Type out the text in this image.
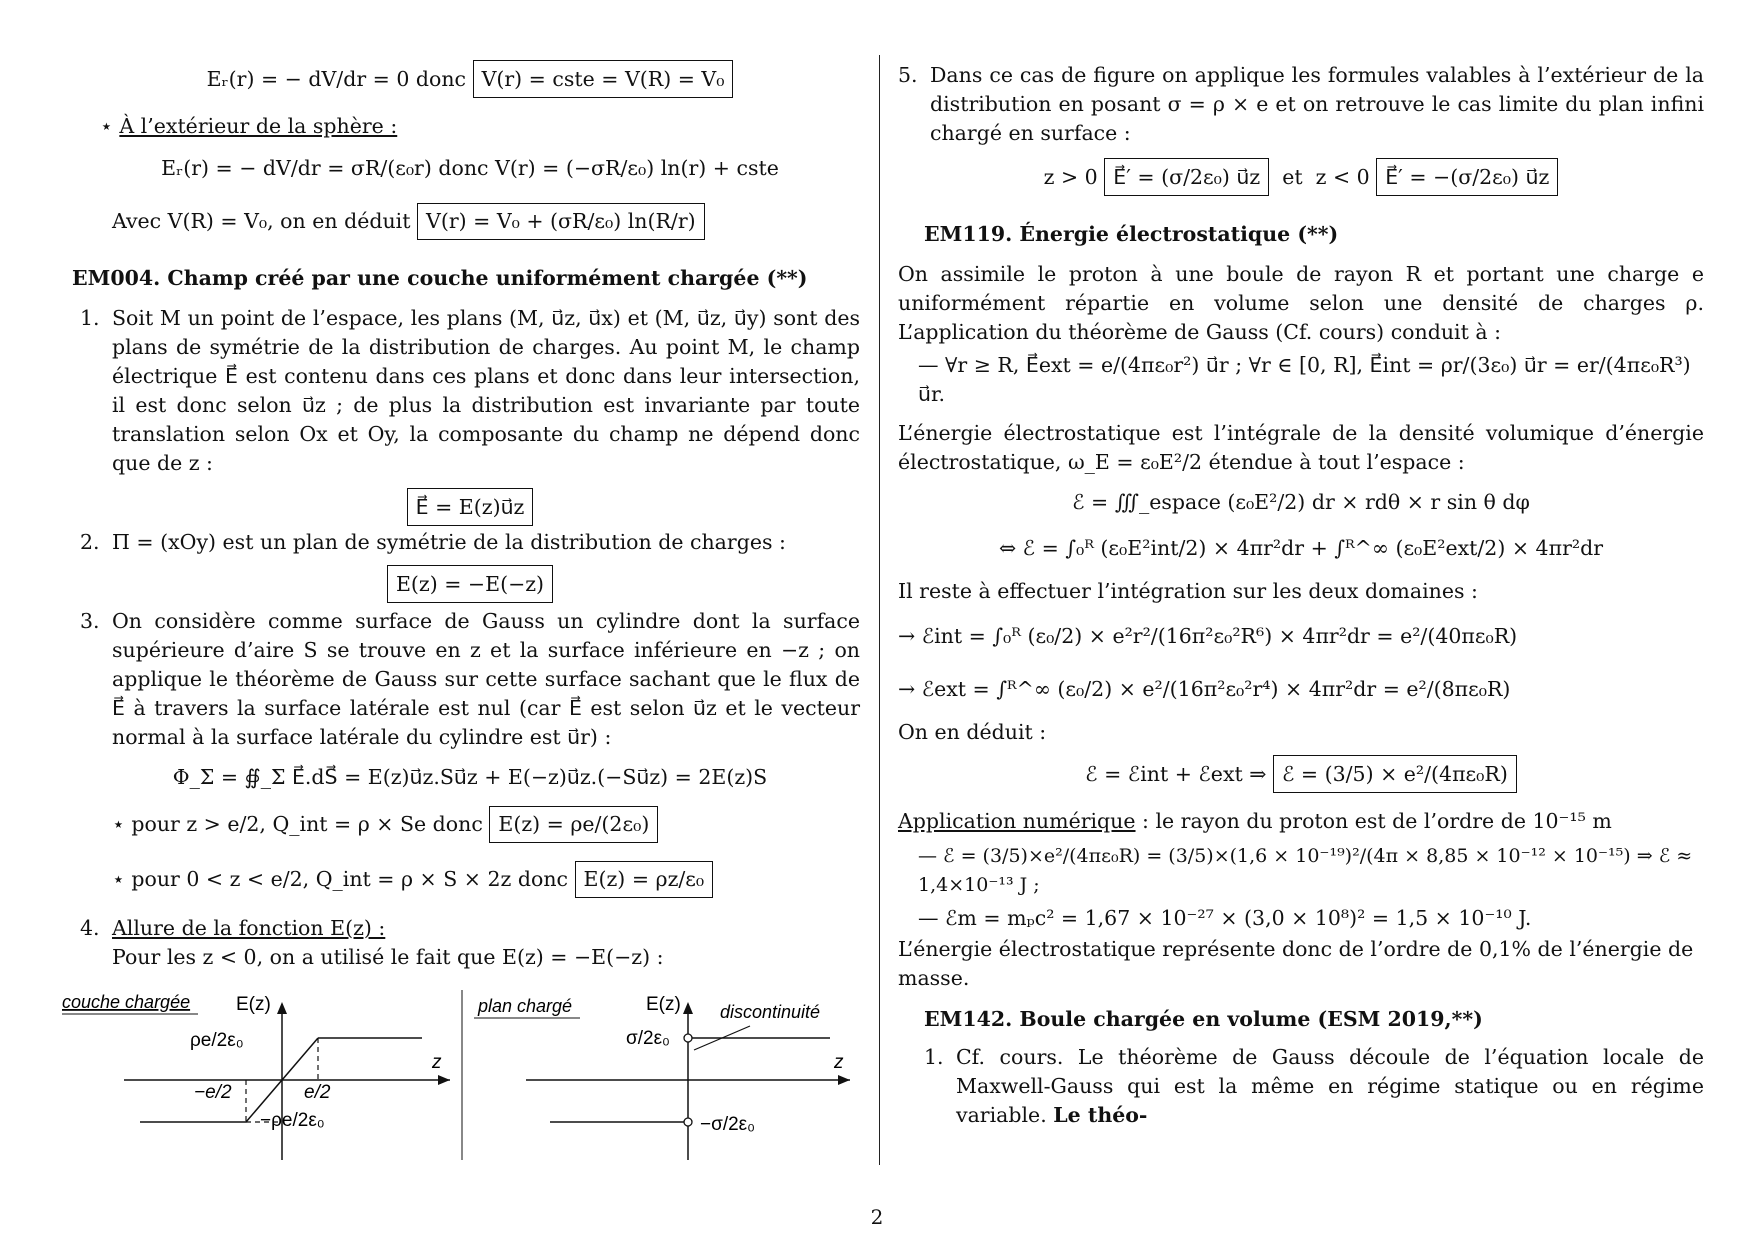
Eᵣ(r) = − dV/dr = 0 donc V(r) = cste = V(R) = V₀

⋆ À l’extérieur de la sphère :

Eᵣ(r) = − dV/dr = σR/(ε₀r) donc V(r) = (−σR/ε₀) ln(r) + cste

Avec V(R) = V₀, on en déduit V(r) = V₀ + (σR/ε₀) ln(R/r)

EM004. Champ créé par une couche uniformément chargée (**)
1. Soit M un point de l’espace, les plans (M, u⃗z, u⃗x) et (M, u⃗z, u⃗y) sont des plans de symétrie de la distribution de charges. Au point M, le champ électrique E⃗ est contenu dans ces plans et donc dans leur intersection, il est donc selon u⃗z ; de plus la distribution est invariante par toute translation selon Ox et Oy, la composante du champ ne dépend donc que de z :
E⃗ = E(z)u⃗z
2. Π = (xOy) est un plan de symétrie de la distribution de charges :
E(z) = −E(−z)
3. On considère comme surface de Gauss un cylindre dont la surface supérieure d’aire S se trouve en z et la surface inférieure en −z ; on applique le théorème de Gauss sur cette surface sachant que le flux de E⃗ à travers la surface latérale est nul (car E⃗ est selon u⃗z et le vecteur normal à la surface latérale du cylindre est u⃗r) :
Φ_Σ = ∯_Σ E⃗.dS⃗ = E(z)u⃗z.Su⃗z + E(−z)u⃗z.(−Su⃗z) = 2E(z)S

⋆ pour z > e/2, Q_int = ρ × Se donc E(z) = ρe/(2ε₀)

⋆ pour 0 < z < e/2, Q_int = ρ × S × 2z donc E(z) = ρz/ε₀

4. Allure de la fonction E(z) :
Pour les z < 0, on a utilisé le fait que E(z) = −E(−z) :
couche chargée E(z)
z
ρe/2ε₀
−ρe/2ε₀
−e/2	e/2
plan chargé	E(z)
z
discontinuité
σ/2ε₀
−σ/2ε₀
5. Dans ce cas de figure on applique les formules valables à l’extérieur de la distribution en posant σ = ρ × e et on retrouve le cas limite du plan infini chargé en surface :
z > 0 E⃗′ = (σ/2ε₀) u⃗z et z < 0 E⃗′ = −(σ/2ε₀) u⃗z
EM119. Énergie électrostatique (**)

On assimile le proton à une boule de rayon R et portant une charge e uniformément répartie en volume selon une densité de charges ρ. L’application du théorème de Gauss (Cf. cours) conduit à :

— ∀r ≥ R, E⃗ext = e/(4πε₀r²) u⃗r ; ∀r ∈ [0, R], E⃗int = ρr/(3ε₀) u⃗r = er/(4πε₀R³) u⃗r.

L’énergie électrostatique est l’intégrale de la densité volumique d’énergie électrostatique, ω_E = ε₀E²/2 étendue à tout l’espace :

ℰ = ∭_espace (ε₀E²/2) dr × rdθ × r sin θ dφ
⇔ ℰ = ∫₀ᴿ (ε₀E²int/2) × 4πr²dr + ∫ᴿ^∞ (ε₀E²ext/2) × 4πr²dr

Il reste à effectuer l’intégration sur les deux domaines :

→ ℰint = ∫₀ᴿ (ε₀/2) × e²r²/(16π²ε₀²R⁶) × 4πr²dr = e²/(40πε₀R)

→ ℰext = ∫ᴿ^∞ (ε₀/2) × e²/(16π²ε₀²r⁴) × 4πr²dr = e²/(8πε₀R)

On en déduit :

ℰ = ℰint + ℰext ⇒ ℰ = (3/5) × e²/(4πε₀R)

Application numérique : le rayon du proton est de l’ordre de 10⁻¹⁵ m

— ℰ = (3/5)×e²/(4πε₀R) = (3/5)×(1,6 × 10⁻¹⁹)²/(4π × 8,85 × 10⁻¹² × 10⁻¹⁵) ⇒ ℰ ≈ 1,4×10⁻¹³ J ;

— ℰm = mₚc² = 1,67 × 10⁻²⁷ × (3,0 × 10⁸)² = 1,5 × 10⁻¹⁰ J.

L’énergie électrostatique représente donc de l’ordre de 0,1% de l’énergie de masse.

EM142. Boule chargée en volume (ESM 2019,**)
1. Cf. cours. Le théorème de Gauss découle de l’équation locale de Maxwell-Gauss qui est la même en régime statique ou en régime variable. Le théo-
2
